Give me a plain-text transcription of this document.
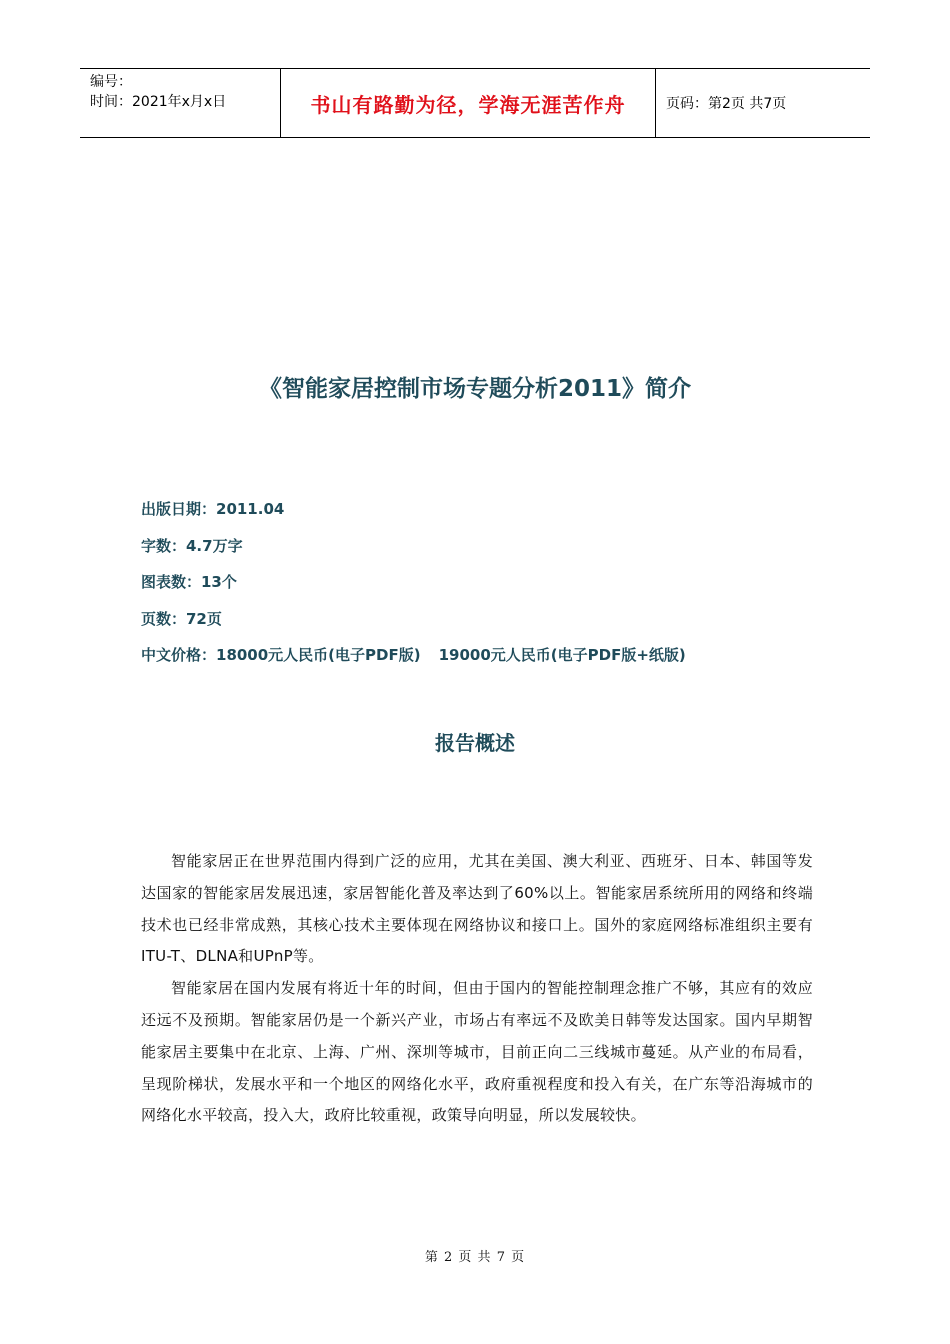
编号：
时间：2021年x月x日	书山有路勤为径，学海无涯苦作舟	页码：第2页 共7页
《智能家居控制市场专题分析2011》简介
出版日期：2011.04
字数：4.7万字
图表数：13个
页数：72页
中文价格：18000元人民币(电子PDF版) 19000元人民币(电子PDF版+纸版)
报告概述

智能家居正在世界范围内得到广泛的应用，尤其在美国、澳大利亚、西班牙、日本、韩国等发达国家的智能家居发展迅速，家居智能化普及率达到了60%以上。智能家居系统所用的网络和终端技术也已经非常成熟，其核心技术主要体现在网络协议和接口上。国外的家庭网络标准组织主要有ITU-T、DLNA和UPnP等。

智能家居在国内发展有将近十年的时间，但由于国内的智能控制理念推广不够，其应有的效应还远不及预期。智能家居仍是一个新兴产业，市场占有率远不及欧美日韩等发达国家。国内早期智能家居主要集中在北京、上海、广州、深圳等城市，目前正向二三线城市蔓延。从产业的布局看，呈现阶梯状，发展水平和一个地区的网络化水平，政府重视程度和投入有关，在广东等沿海城市的网络化水平较高，投入大，政府比较重视，政策导向明显，所以发展较快。

第 2 页 共 7 页
